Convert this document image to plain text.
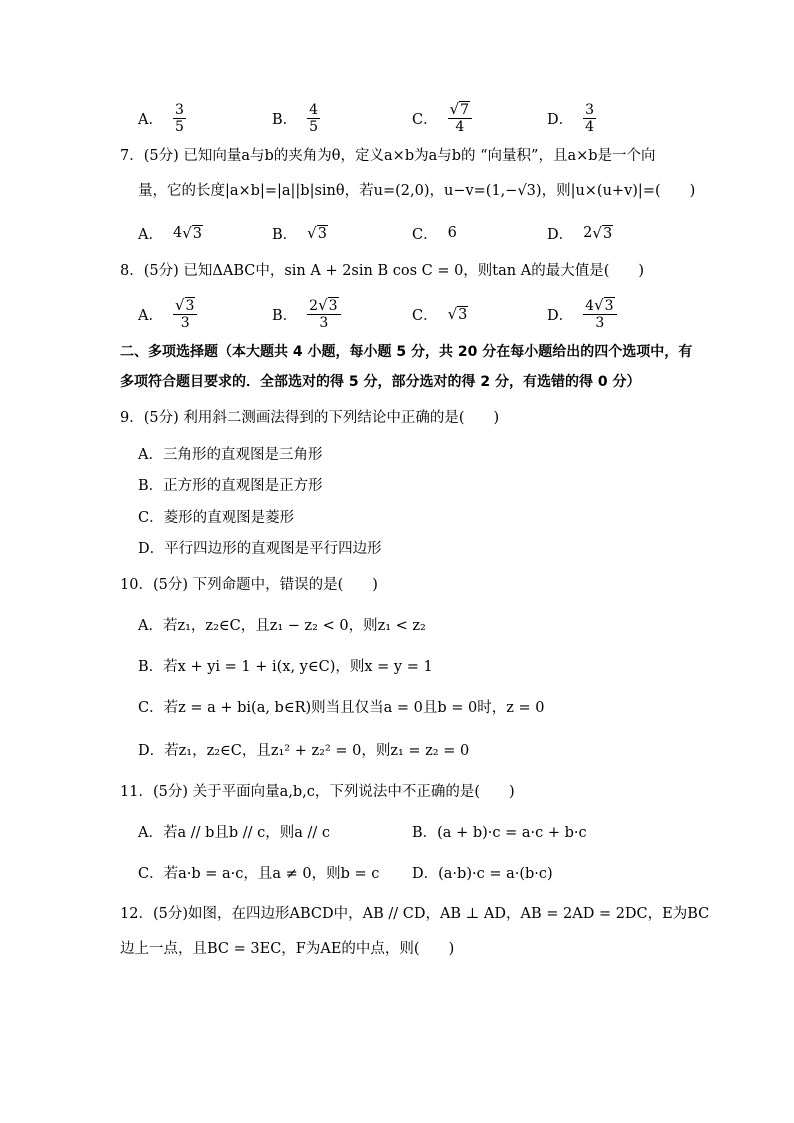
A． $\frac{3}{5}$	B． $\frac{4}{5}$	C． $\frac{√ 7}{4}$	D． $\frac{3}{4}$
7．(5分) 已知向量a与b的夹角为θ，定义a×b为a与b的 “向量积”，且a×b是一个向
量，它的长度|a×b|=|a||b|sinθ，若u=(2,0)，u−v=(1,−√3)，则|u×(u+v)|=(　　)
A． 4 √ 3	B． √ 3	C． 6	D． 2 √ 3
8．(5分) 已知ΔABC中，sin A + 2sin B cos C = 0，则tan A的最大值是(　　)
A． $\frac{√ 3}{3}$	B． $\frac{2 √ 3}{3}$	C． √ 3	D． $\frac{4 √ 3}{3}$
二、多项选择题（本大题共 4 小题，每小题 5 分，共 20 分在每小题给出的四个选项中，有
多项符合题目要求的．全部选对的得 5 分，部分选对的得 2 分，有选错的得 0 分）
9．(5分) 利用斜二测画法得到的下列结论中正确的是(　　)
A．三角形的直观图是三角形
B．正方形的直观图是正方形
C．菱形的直观图是菱形
D．平行四边形的直观图是平行四边形
10．(5分) 下列命题中，错误的是(　　)
A．若z₁，z₂∈C，且z₁ − z₂ < 0，则z₁ < z₂
B．若x + yi = 1 + i(x, y∈C)，则x = y = 1
C．若z = a + bi(a, b∈R)则当且仅当a = 0且b = 0时，z = 0
D．若z₁，z₂∈C，且z₁² + z₂² = 0，则z₁ = z₂ = 0
11．(5分) 关于平面向量a,b,c，下列说法中不正确的是(　　)
A．若a // b且b // c，则a // c	B．(a + b)·c = a·c + b·c
C．若a·b = a·c，且a ≠ 0，则b = c D．(a·b)·c = a·(b·c)
12．(5分)如图，在四边形ABCD中，AB // CD，AB ⊥ AD，AB = 2AD = 2DC，E为BC
边上一点，且BC = 3EC，F为AE的中点，则(　　)
